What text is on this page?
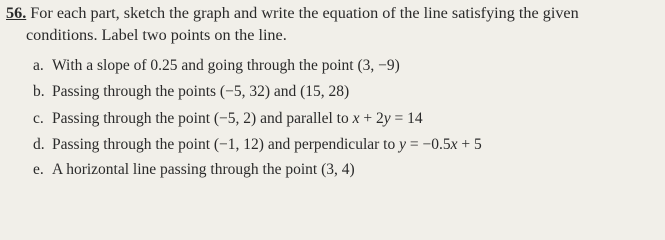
56. For each part, sketch the graph and write the equation of the line satisfying the given
conditions. Label two points on the line.
a. With a slope of 0.25 and going through the point (3, −9)
b. Passing through the points (−5, 32) and (15, 28)
c. Passing through the point (−5, 2) and parallel to x + 2y = 14
d. Passing through the point (−1, 12) and perpendicular to y = −0.5x + 5
e. A horizontal line passing through the point (3, 4)
